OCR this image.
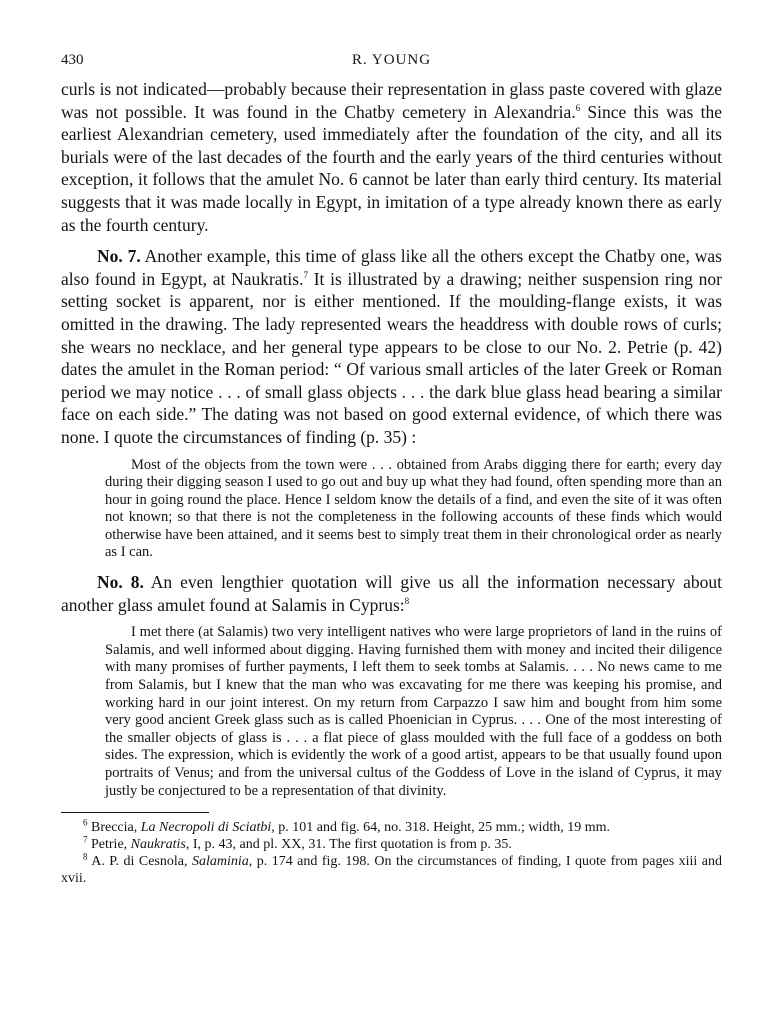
430	R. YOUNG

curls is not indicated—probably because their representation in glass paste covered with glaze was not possible. It was found in the Chatby cemetery in Alexandria.$^6$ Since this was the earliest Alexandrian cemetery, used immediately after the foundation of the city, and all its burials were of the last decades of the fourth and the early years of the third centuries without exception, it follows that the amulet No. 6 cannot be later than early third century. Its material suggests that it was made locally in Egypt, in imitation of a type already known there as early as the fourth century.

No. 7. Another example, this time of glass like all the others except the Chatby one, was also found in Egypt, at Naukratis.$^7$ It is illustrated by a drawing; neither suspension ring nor setting socket is apparent, nor is either mentioned. If the moulding-flange exists, it was omitted in the drawing. The lady represented wears the headdress with double rows of curls; she wears no necklace, and her general type appears to be close to our No. 2. Petrie (p. 42) dates the amulet in the Roman period: “ Of various small articles of the later Greek or Roman period we may notice . . . of small glass objects . . . the dark blue glass head bearing a similar face on each side.” The dating was not based on good external evidence, of which there was none. I quote the circumstances of finding (p. 35) :

Most of the objects from the town were . . . obtained from Arabs digging there for earth; every day during their digging season I used to go out and buy up what they had found, often spending more than an hour in going round the place. Hence I seldom know the details of a find, and even the site of it was often not known; so that there is not the completeness in the following accounts of these finds which would otherwise have been attained, and it seems best to simply treat them in their chronological order as nearly as I can.

No. 8. An even lengthier quotation will give us all the information necessary about another glass amulet found at Salamis in Cyprus:$^8$

I met there (at Salamis) two very intelligent natives who were large proprietors of land in the ruins of Salamis, and well informed about digging. Having furnished them with money and incited their diligence with many promises of further payments, I left them to seek tombs at Salamis. . . . No news came to me from Salamis, but I knew that the man who was excavating for me there was keeping his promise, and working hard in our joint interest. On my return from Carpazzo I saw him and bought from him some very good ancient Greek glass such as is called Phoenician in Cyprus. . . . One of the most interesting of the smaller objects of glass is . . . a flat piece of glass moulded with the full face of a goddess on both sides. The expression, which is evidently the work of a good artist, appears to be that usually found upon portraits of Venus; and from the universal cultus of the Goddess of Love in the island of Cyprus, it may justly be conjectured to be a representation of that divinity.

$^6$ Breccia, La Necropoli di Sciatbi, p. 101 and fig. 64, no. 318. Height, 25 mm.; width, 19 mm.

$^7$ Petrie, Naukratis, I, p. 43, and pl. XX, 31. The first quotation is from p. 35.

$^8$ A. P. di Cesnola, Salaminia, p. 174 and fig. 198. On the circumstances of finding, I quote from pages xiii and xvii.
